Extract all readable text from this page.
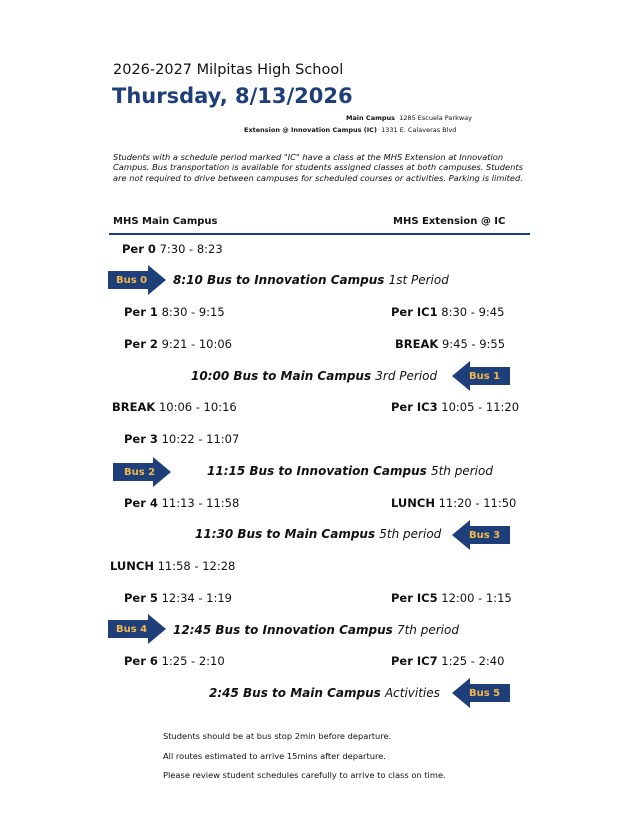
2026-2027 Milpitas High School
Thursday, 8/13/2026
Main Campus 1285 Escuela Parkway
Extension @ Innovation Campus (IC) 1331 E. Calaveras Blvd
Students with a schedule period marked "IC" have a class at the MHS Extension at Innovation Campus. Bus transportation is available for students assigned classes at both campuses. Students are not required to drive between campuses for scheduled courses or activities. Parking is limited.
MHS Main Campus	MHS Extension @ IC
Per 0 7:30 - 8:23
Bus 0 8:10 Bus to Innovation Campus 1st Period
Per 1 8:30 - 9:15	Per IC1 8:30 - 9:45
Per 2 9:21 - 10:06	BREAK 9:45 - 9:55
10:00 Bus to Main Campus 3rd Period	Bus 1
BREAK 10:06 - 10:16	Per IC3 10:05 - 11:20
Per 3 10:22 - 11:07
Bus 2	11:15 Bus to Innovation Campus 5th period
Per 4 11:13 - 11:58	LUNCH 11:20 - 11:50
11:30 Bus to Main Campus 5th period	Bus 3
LUNCH 11:58 - 12:28
Per 5 12:34 - 1:19	Per IC5 12:00 - 1:15
Bus 4 12:45 Bus to Innovation Campus 7th period
Per 6 1:25 - 2:10	Per IC7 1:25 - 2:40
2:45 Bus to Main Campus Activities	Bus 5
Students should be at bus stop 2min before departure.
All routes estimated to arrive 15mins after departure.
Please review student schedules carefully to arrive to class on time.
